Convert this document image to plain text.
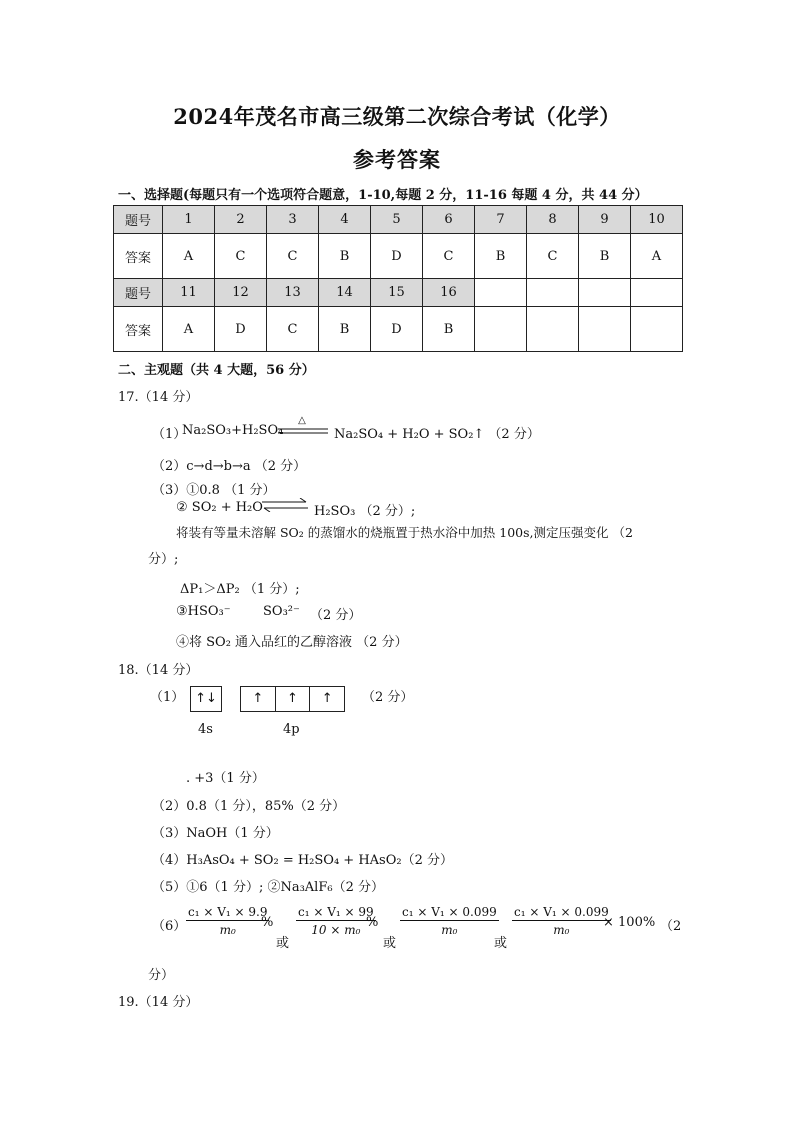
2024年茂名市高三级第二次综合考试（化学）
参考答案
一、选择题(每题只有一个选项符合题意，1-10,每题 2 分，11-16 每题 4 分，共 44 分）
题号	1	2	3	4	5	6	7	8	9	10
答案	A	C	C	B	D	C	B	C	B	A
题号	11	12	13	14	15	16				
答案	A	D	C	B	D	B				
二、主观题（共 4 大题，56 分）
17.（14 分）
（1）
Na₂SO₃+H₂SO₄
△
Na₂SO₄ + H₂O + SO₂↑ （2 分）
（2）c→d→b→a （2 分）
（3）①0.8 （1 分）
② SO₂ + H₂O ⇌ H₂SO₃ （2 分）;
将装有等量未溶解 SO₂ 的蒸馏水的烧瓶置于热水浴中加热 100s,测定压强变化 （2
分）;
ΔP₁＞ΔP₂ （1 分）;
③HSO₃⁻ SO₃²⁻ （2 分）
④将 SO₂ 通入品红的乙醇溶液 （2 分）
18.（14 分）
（1） ↑↓	↑	↑	↑	（2 分）
4s	4p
. +3（1 分）
（2）0.8（1 分），85%（2 分）
（3）NaOH（1 分）
（4）H₃AsO₄ + SO₂ = H₂SO₄ + HAsO₂（2 分）
（5）①6（1 分）; ②Na₃AlF₆（2 分）
$(6) \frac{\text{c₁ × V₁ × 9.9}}{\text{m₀}}$
%
或
$\frac{\text{c₁ × V₁ × 99}}{\text{10 × m₀}}$
%
或
$\frac{\text{c₁ × V₁ × 0.099}}{\text{m₀}}$
或
$\frac{\text{c₁ × V₁ × 0.099}}{\text{m₀}}$
× 100% （2
分）
19.（14 分）
